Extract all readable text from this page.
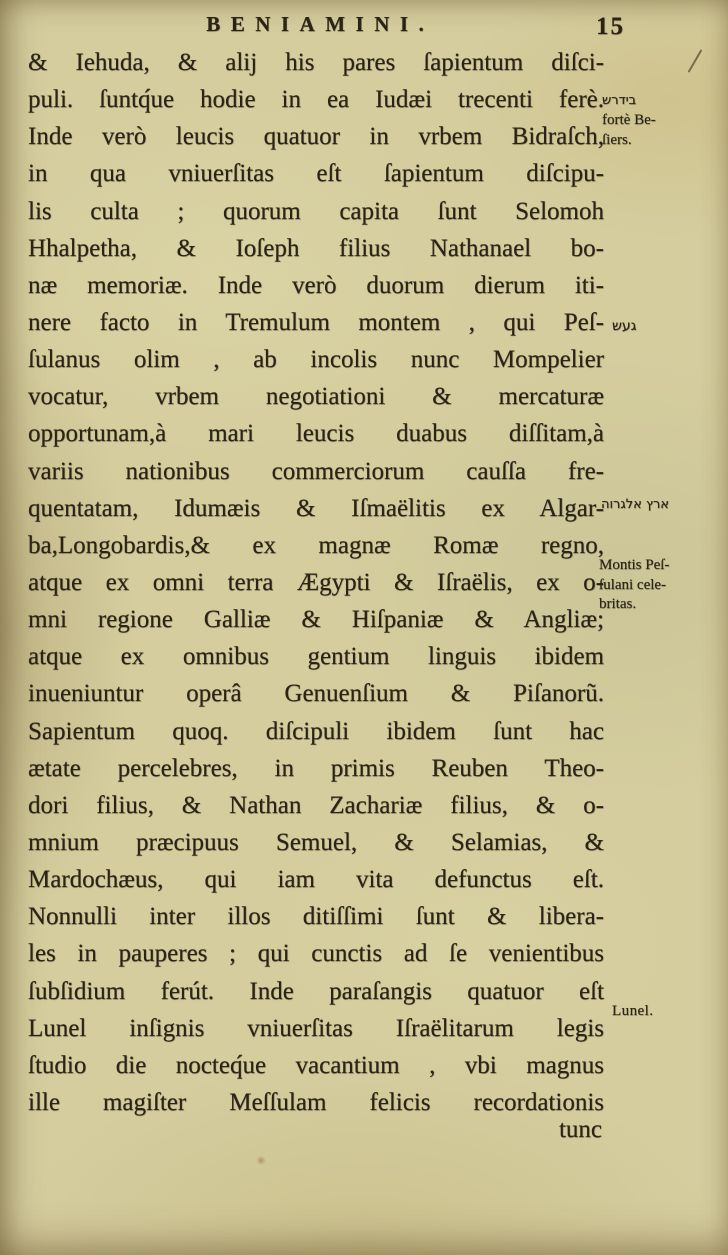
BENIAMINI.	15
& Iehuda, & alij his pares ſapientum diſci-
puli. ſuntq́ue hodie in ea Iudæi trecenti ferè.
Inde verò leucis quatuor in vrbem Bidraſch,
in qua vniuerſitas eſt ſapientum diſcipu-
lis culta ; quorum capita ſunt Selomoh
Hhalpetha, & Ioſeph filius Nathanael bo-
næ memoriæ. Inde verò duorum dierum iti-
nere facto in Tremulum montem , qui Peſ-
ſulanus olim , ab incolis nunc Mompelier
vocatur, vrbem negotiationi & mercaturæ
opportunam,à mari leucis duabus diſſitam,à
variis nationibus commerciorum cauſſa fre-
quentatam, Idumæis & Iſmaëlitis ex Algar-
ba,Longobardis,& ex magnæ Romæ regno,
atque ex omni terra Ægypti & Iſraëlis, ex o-
mni regione Galliæ & Hiſpaniæ & Angliæ;
atque ex omnibus gentium linguis ibidem
inueniuntur operâ Genuenſium & Piſanorũ.
Sapientum quoq. diſcipuli ibidem ſunt hac
ætate percelebres, in primis Reuben Theo-
dori filius, & Nathan Zachariæ filius, & o-
mnium præcipuus Semuel, & Selamias, &
Mardochæus, qui iam vita defunctus eſt.
Nonnulli inter illos ditiſſimi ſunt & libera-
les in pauperes ; qui cunctis ad ſe venientibus
ſubſidium ferút. Inde paraſangis quatuor eſt
Lunel inſignis vniuerſitas Iſraëlitarum legis
ſtudio die nocteq́ue vacantium , vbi magnus
ille magiſter Meſſulam felicis recordationis
tunc
בידרש
fortè Be-
ſiers.
געש
ארץ אלגרוה
Montis Peſ-
ſulani cele-
britas.
Lunel.
